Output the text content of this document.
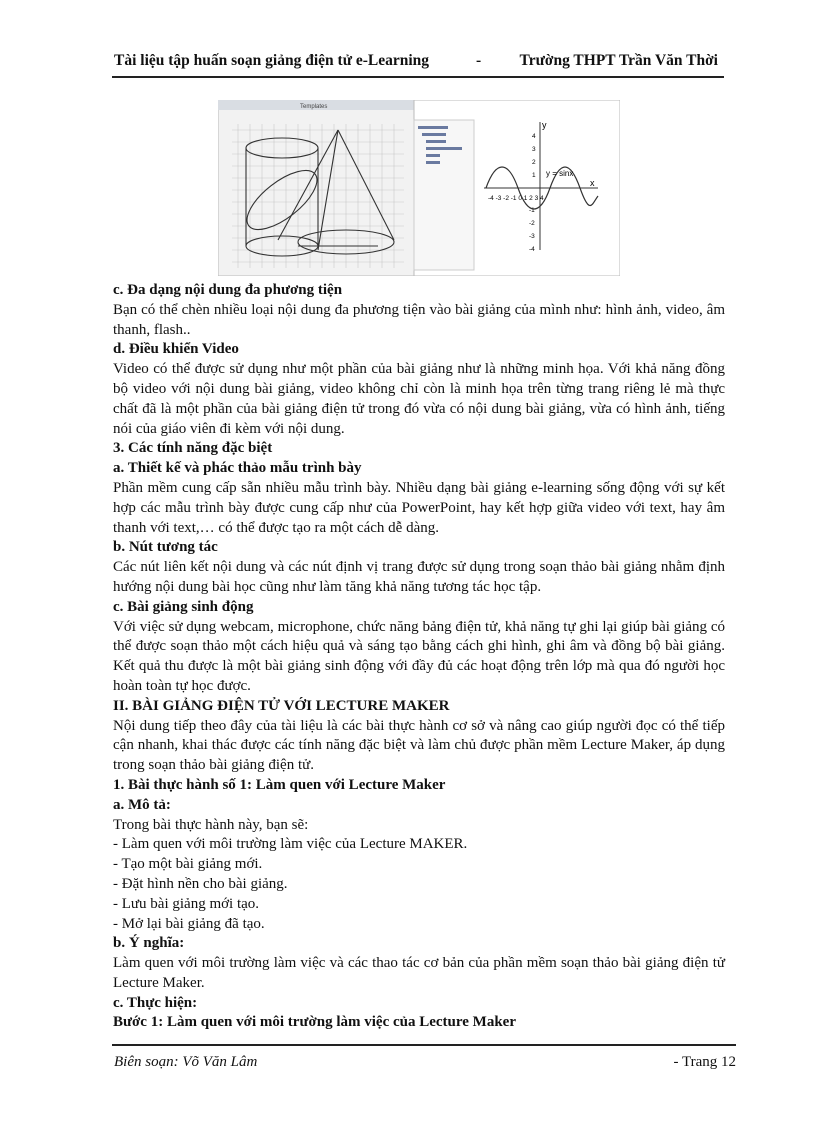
Tài liệu tập huấn soạn giảng điện tử e-Learning	- Trường THPT Trần Văn Thời
Templates
y
x
-4 -3 -2 -1 0 1 2 3 4
4
3
2
1
-1
-2
-3
-4
y = sinx

c. Đa dạng nội dung đa phương tiện

Bạn có thể chèn nhiều loại nội dung đa phương tiện vào bài giảng của mình như: hình ảnh, video, âm thanh, flash..

d. Điều khiển Video

Video có thể được sử dụng như một phần của bài giảng như là những minh họa. Với khả năng đồng bộ video với nội dung bài giảng, video không chỉ còn là minh họa trên từng trang riêng lẻ mà thực chất đã là một phần của bài giảng điện tử trong đó vừa có nội dung bài giảng, vừa có hình ảnh, tiếng nói của giáo viên đi kèm với nội dung.

3. Các tính năng đặc biệt

a. Thiết kế và phác thảo mẫu trình bày

Phần mềm cung cấp sẵn nhiều mẫu trình bày. Nhiều dạng bài giảng e-learning sống động với sự kết hợp các mẫu trình bày được cung cấp như của PowerPoint, hay kết hợp giữa video với text, hay âm thanh với text,… có thể được tạo ra một cách dễ dàng.

b. Nút tương tác

Các nút liên kết nội dung và các nút định vị trang được sử dụng trong soạn thảo bài giảng nhằm định hướng nội dung bài học cũng như làm tăng khả năng tương tác học tập.

c. Bài giảng sinh động

Với việc sử dụng webcam, microphone, chức năng bảng điện tử, khả năng tự ghi lại giúp bài giảng có thể được soạn thảo một cách hiệu quả và sáng tạo bằng cách ghi hình, ghi âm và đồng bộ bài giảng. Kết quả thu được là một bài giảng sinh động với đầy đủ các hoạt động trên lớp mà qua đó người học hoàn toàn tự học được.

II. BÀI GIẢNG ĐIỆN TỬ VỚI LECTURE MAKER

Nội dung tiếp theo đây của tài liệu là các bài thực hành cơ sở và nâng cao giúp người đọc có thể tiếp cận nhanh, khai thác được các tính năng đặc biệt và làm chủ được phần mềm Lecture Maker, áp dụng trong soạn thảo bài giảng điện tử.

1. Bài thực hành số 1: Làm quen với Lecture Maker

a. Mô tả:

Trong bài thực hành này, bạn sẽ:

- Làm quen với môi trường làm việc của Lecture MAKER.

- Tạo một bài giảng mới.

- Đặt hình nền cho bài giảng.

- Lưu bài giảng mới tạo.

- Mở lại bài giảng đã tạo.

b. Ý nghĩa:

Làm quen với môi trường làm việc và các thao tác cơ bản của phần mềm soạn thảo bài giảng điện tử Lecture Maker.

c. Thực hiện:

Bước 1: Làm quen với môi trường làm việc của Lecture Maker

Biên soạn: Võ Văn Lâm	- Trang 12
